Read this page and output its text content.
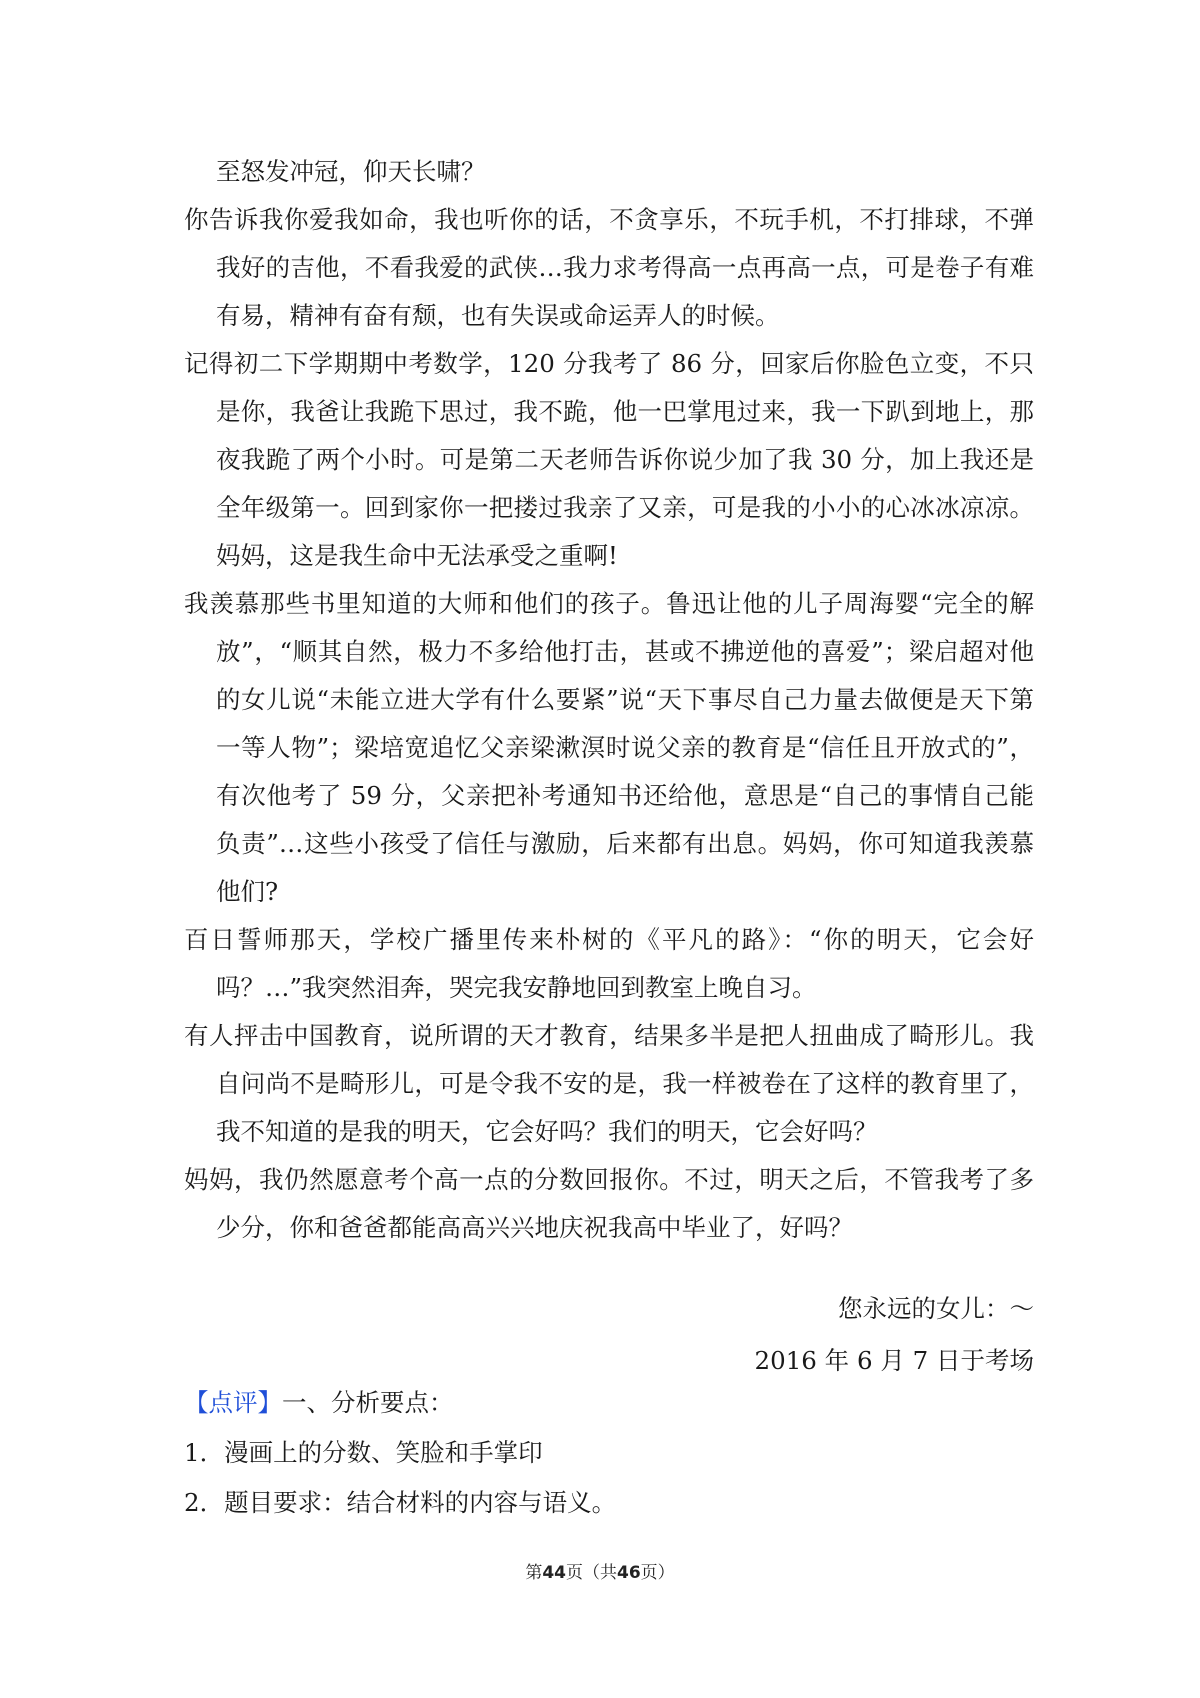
至怒发冲冠，仰天长啸？

你告诉我你爱我如命，我也听你的话，不贪享乐，不玩手机，不打排球，不弹我好的吉他，不看我爱的武侠…我力求考得高一点再高一点，可是卷子有难有易，精神有奋有颓，也有失误或命运弄人的时候。

记得初二下学期期中考数学，120 分我考了 86 分，回家后你脸色立变，不只是你，我爸让我跪下思过，我不跪，他一巴掌甩过来，我一下趴到地上，那夜我跪了两个小时。可是第二天老师告诉你说少加了我 30 分，加上我还是全年级第一。回到家你一把搂过我亲了又亲，可是我的小小的心冰冰凉凉。妈妈，这是我生命中无法承受之重啊!

我羡慕那些书里知道的大师和他们的孩子。鲁迅让他的儿子周海婴“完全的解放”，“顺其自然，极力不多给他打击，甚或不拂逆他的喜爱”；梁启超对他的女儿说“未能立进大学有什么要紧”说“天下事尽自己力量去做便是天下第一等人物”；梁培宽追忆父亲梁漱溟时说父亲的教育是“信任且开放式的”，有次他考了 59 分，父亲把补考通知书还给他，意思是“自己的事情自己能负责”…这些小孩受了信任与激励，后来都有出息。妈妈，你可知道我羡慕他们?

百日誓师那天，学校广播里传来朴树的《平凡的路》：“你的明天，它会好吗？…”我突然泪奔，哭完我安静地回到教室上晚自习。

有人抨击中国教育，说所谓的天才教育，结果多半是把人扭曲成了畸形儿。我自问尚不是畸形儿，可是令我不安的是，我一样被卷在了这样的教育里了，我不知道的是我的明天，它会好吗？我们的明天，它会好吗？

妈妈，我仍然愿意考个高一点的分数回报你。不过，明天之后，不管我考了多少分，你和爸爸都能高高兴兴地庆祝我高中毕业了，好吗？

您永远的女儿：～
2016 年 6 月 7 日于考场
【点评】一、分析要点：
1．漫画上的分数、笑脸和手掌印
2．题目要求：结合材料的内容与语义。
第44页（共46页）
